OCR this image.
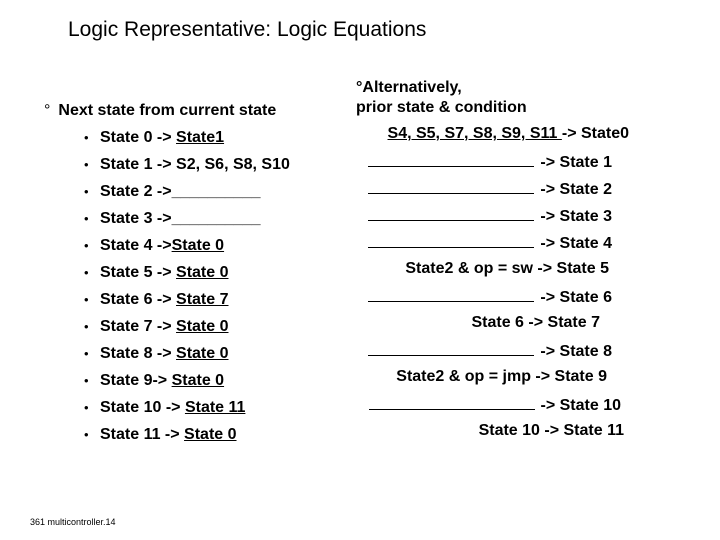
Logic Representative: Logic Equations
° Next state from current state
• State 0 -> State1
• State 1 -> S2, S6, S8, S10
• State 2 ->__________
• State 3 ->__________
• State 4 ->State 0
• State 5 -> State 0
• State 6 -> State 7
• State 7 -> State 0
• State 8 -> State 0
• State 9-> State 0
• State 10 -> State 11
• State 11 -> State 0
°Alternatively,
prior state & condition
S4, S5, S7, S8, S9, S11 -> State0
-> State 1
-> State 2
-> State 3
-> State 4
State2 & op = sw -> State 5
-> State 6
State 6 -> State 7
-> State 8
State2 & op = jmp -> State 9
-> State 10
State 10 -> State 11
361 multicontroller.14
